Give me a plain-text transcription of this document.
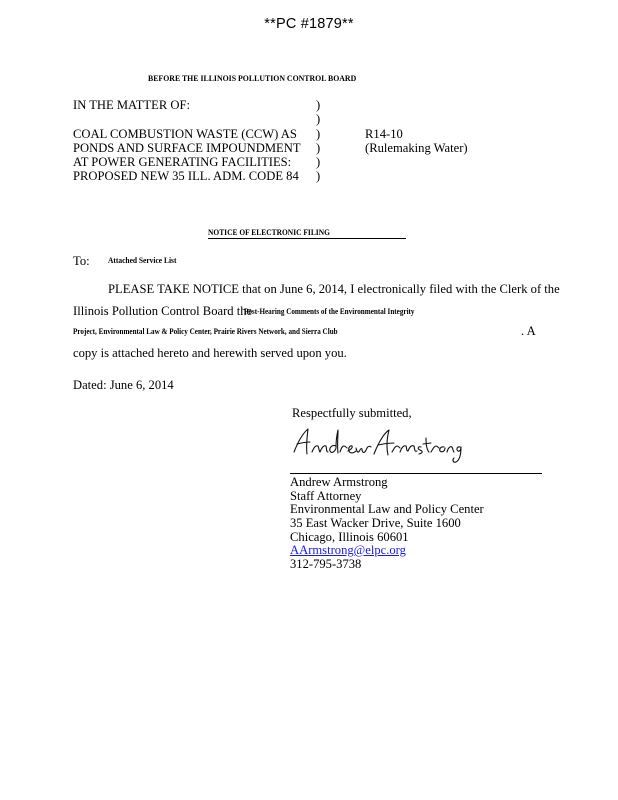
**PC #1879**
BEFORE THE ILLINOIS POLLUTION CONTROL BOARD
IN THE MATTER OF:
COAL COMBUSTION WASTE (CCW) AS
PONDS AND SURFACE IMPOUNDMENT
AT POWER GENERATING FACILITIES:
PROPOSED NEW 35 ILL. ADM. CODE 84
)
)
)
)
)
)
R14-10
(Rulemaking Water)
NOTICE OF ELECTRONIC FILING
To: Attached Service List
PLEASE TAKE NOTICE that on June 6, 2014, I electronically filed with the Clerk of the
Illinois Pollution Control Board the
Post-Hearing Comments of the Environmental Integrity
Project, Environmental Law & Policy Center, Prairie Rivers Network, and Sierra Club	. A
copy is attached hereto and herewith served upon you.
Dated: June 6, 2014
Respectfully submitted,
Andrew Armstrong
Staff Attorney
Environmental Law and Policy Center
35 East Wacker Drive, Suite 1600
Chicago, Illinois 60601
AArmstrong@elpc.org
312-795-3738
